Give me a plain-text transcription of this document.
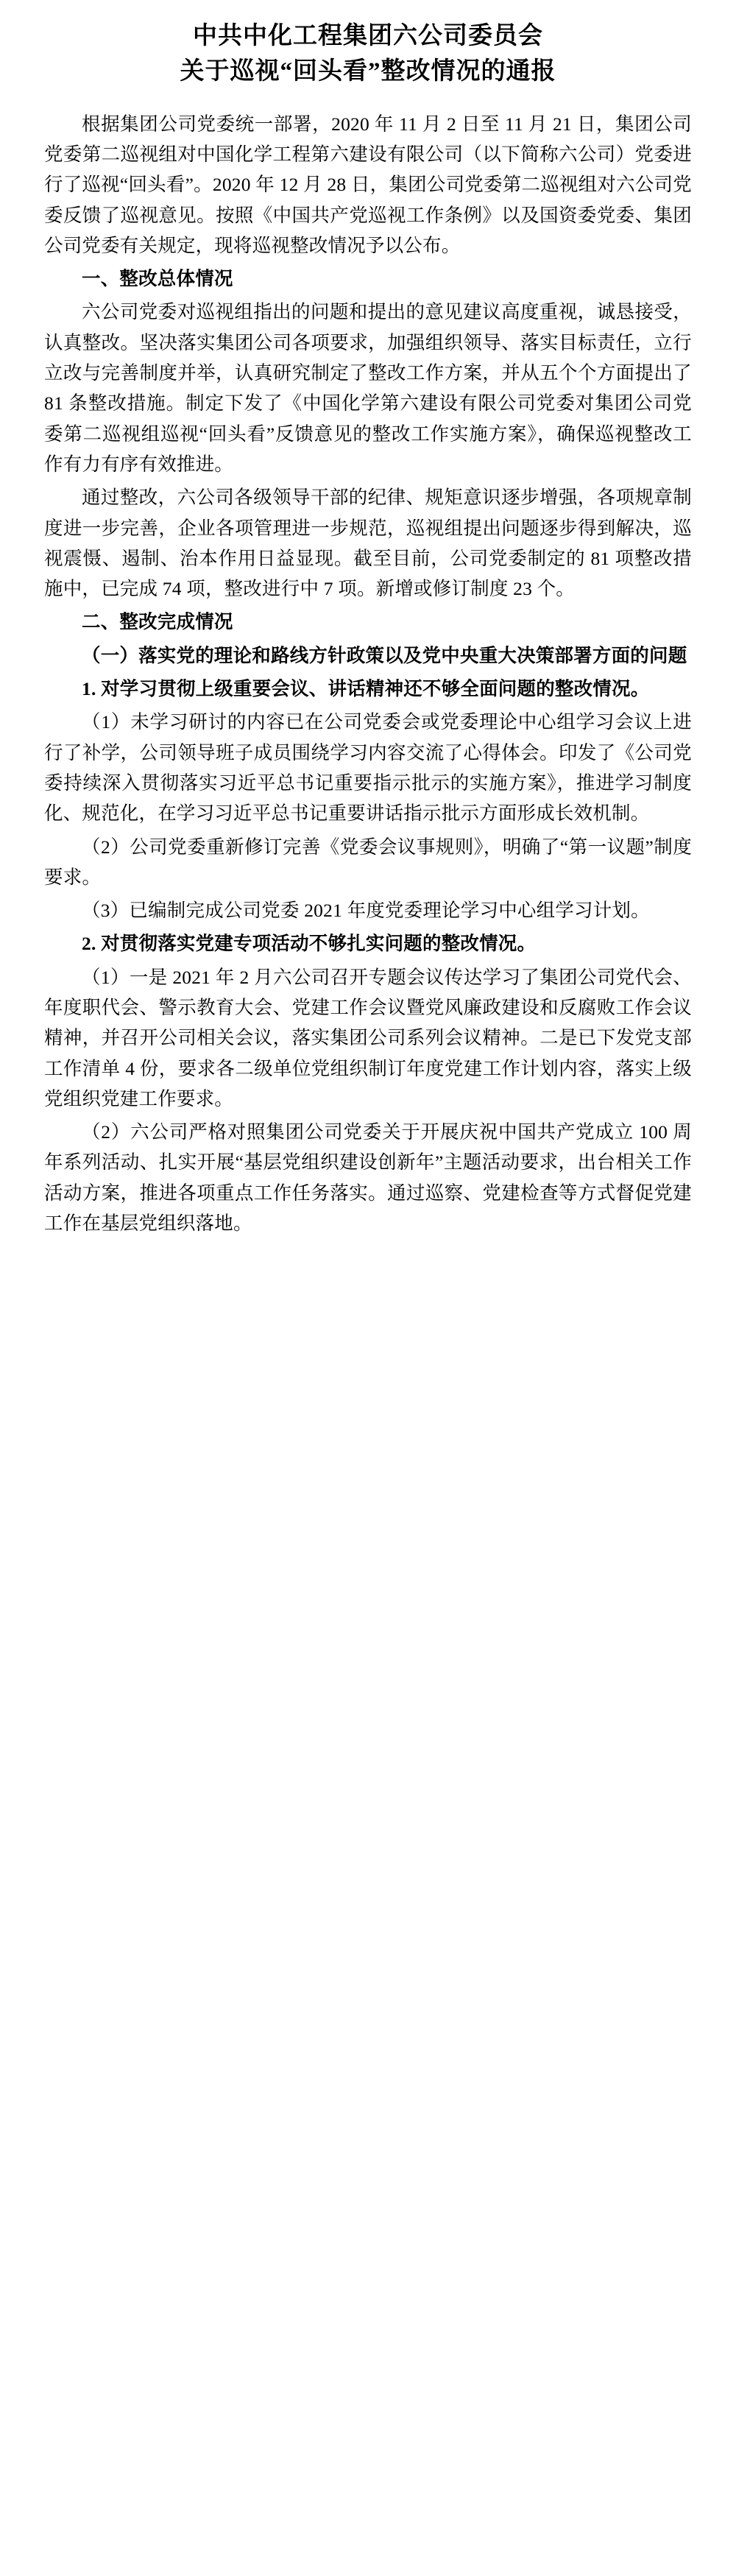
中共中化工程集团六公司委员会
关于巡视“回头看”整改情况的通报

根据集团公司党委统一部署，2020 年 11 月 2 日至 11 月 21 日，集团公司党委第二巡视组对中国化学工程第六建设有限公司（以下简称六公司）党委进行了巡视“回头看”。2020 年 12 月 28 日，集团公司党委第二巡视组对六公司党委反馈了巡视意见。按照《中国共产党巡视工作条例》以及国资委党委、集团公司党委有关规定，现将巡视整改情况予以公布。

一、整改总体情况

六公司党委对巡视组指出的问题和提出的意见建议高度重视，诚恳接受，认真整改。坚决落实集团公司各项要求，加强组织领导、落实目标责任，立行立改与完善制度并举，认真研究制定了整改工作方案，并从五个个方面提出了 81 条整改措施。制定下发了《中国化学第六建设有限公司党委对集团公司党委第二巡视组巡视“回头看”反馈意见的整改工作实施方案》，确保巡视整改工作有力有序有效推进。

通过整改，六公司各级领导干部的纪律、规矩意识逐步增强，各项规章制度进一步完善，企业各项管理进一步规范，巡视组提出问题逐步得到解决，巡视震慑、遏制、治本作用日益显现。截至目前，公司党委制定的 81 项整改措施中，已完成 74 项，整改进行中 7 项。新增或修订制度 23 个。

二、整改完成情况

（一）落实党的理论和路线方针政策以及党中央重大决策部署方面的问题

1. 对学习贯彻上级重要会议、讲话精神还不够全面问题的整改情况。

（1）未学习研讨的内容已在公司党委会或党委理论中心组学习会议上进行了补学，公司领导班子成员围绕学习内容交流了心得体会。印发了《公司党委持续深入贯彻落实习近平总书记重要指示批示的实施方案》，推进学习制度化、规范化，在学习习近平总书记重要讲话指示批示方面形成长效机制。

（2）公司党委重新修订完善《党委会议事规则》，明确了“第一议题”制度要求。

（3）已编制完成公司党委 2021 年度党委理论学习中心组学习计划。

2. 对贯彻落实党建专项活动不够扎实问题的整改情况。

（1）一是 2021 年 2 月六公司召开专题会议传达学习了集团公司党代会、年度职代会、警示教育大会、党建工作会议暨党风廉政建设和反腐败工作会议精神，并召开公司相关会议，落实集团公司系列会议精神。二是已下发党支部工作清单 4 份，要求各二级单位党组织制订年度党建工作计划内容，落实上级党组织党建工作要求。

（2）六公司严格对照集团公司党委关于开展庆祝中国共产党成立 100 周年系列活动、扎实开展“基层党组织建设创新年”主题活动要求，出台相关工作活动方案，推进各项重点工作任务落实。通过巡察、党建检查等方式督促党建工作在基层党组织落地。
